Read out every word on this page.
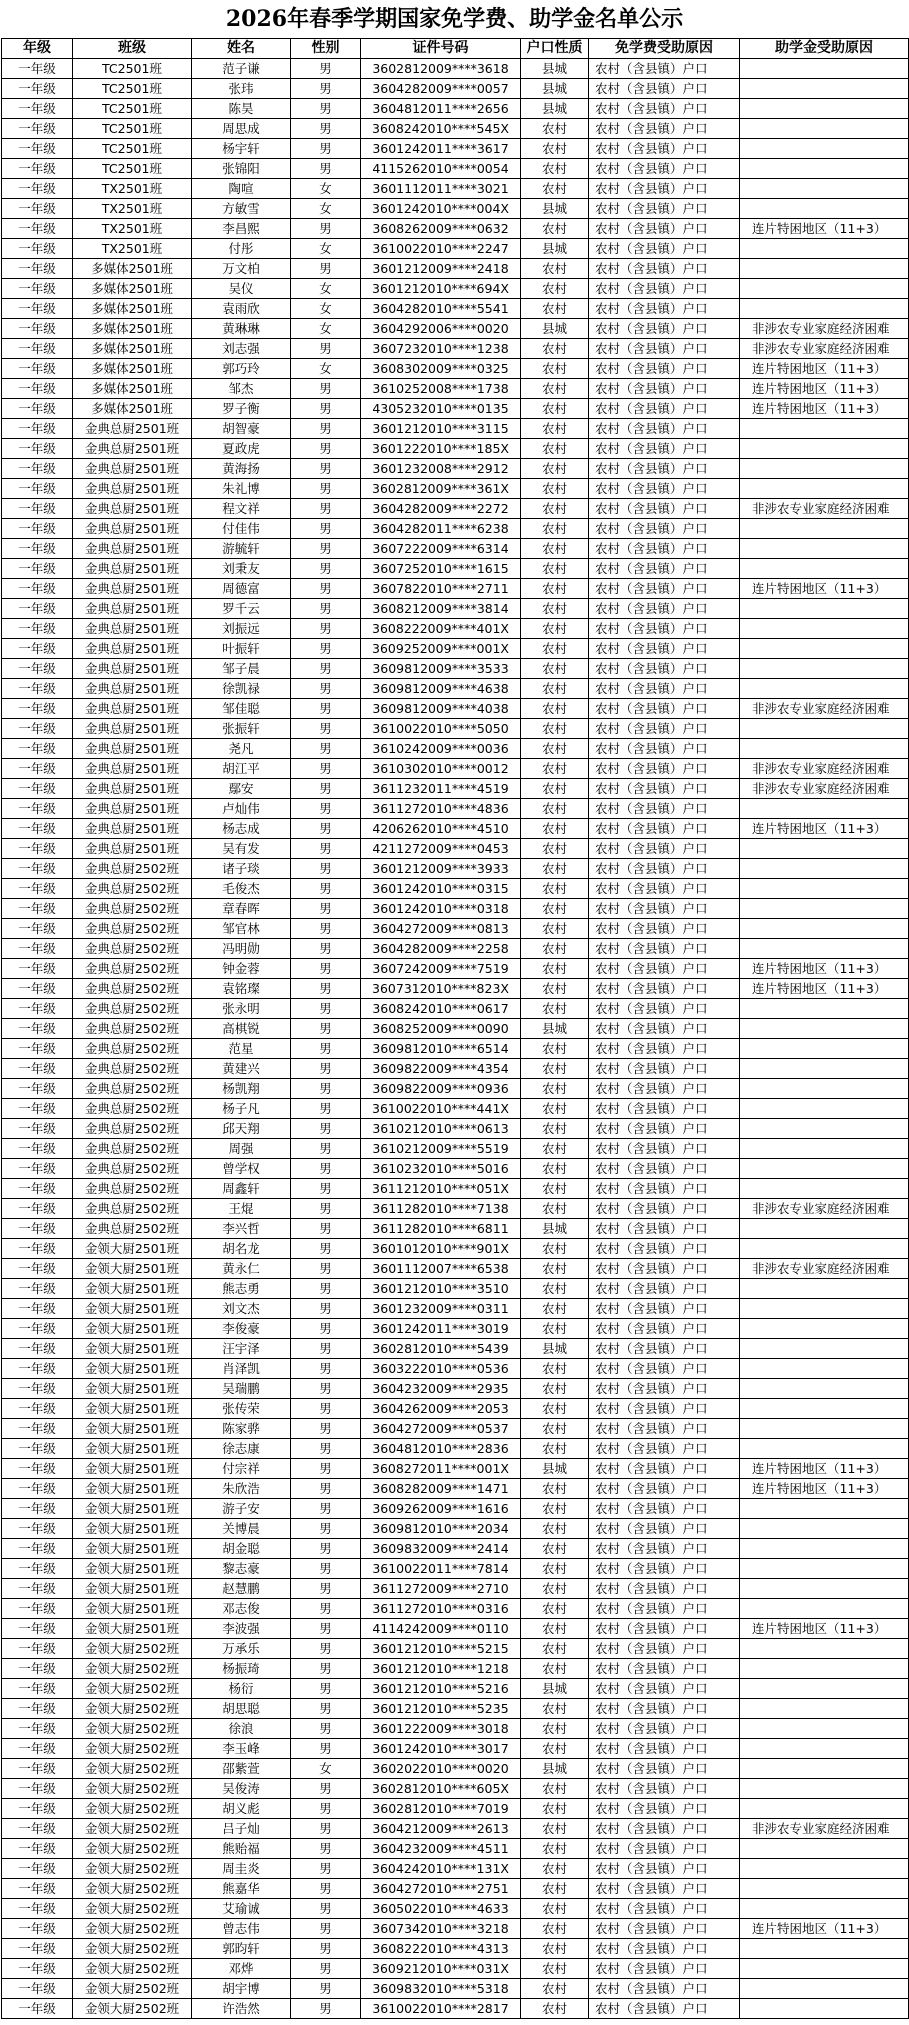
2026年春季学期国家免学费、助学金名单公示
年级	班级	姓名	性别	证件号码	户口性质	免学费受助原因	助学金受助原因
一年级	TC2501班	范子谦	男	3602812009****3618	县城	农村（含县镇）户口	
一年级	TC2501班	张玮	男	3604282009****0057	县城	农村（含县镇）户口	
一年级	TC2501班	陈昊	男	3604812011****2656	县城	农村（含县镇）户口	
一年级	TC2501班	周思成	男	3608242010****545X	农村	农村（含县镇）户口	
一年级	TC2501班	杨宇轩	男	3601242011****3617	农村	农村（含县镇）户口	
一年级	TC2501班	张锦阳	男	4115262010****0054	农村	农村（含县镇）户口	
一年级	TX2501班	陶喧	女	3601112011****3021	农村	农村（含县镇）户口	
一年级	TX2501班	方敏雪	女	3601242010****004X	县城	农村（含县镇）户口	
一年级	TX2501班	李昌熙	男	3608262009****0632	农村	农村（含县镇）户口	连片特困地区（11+3）
一年级	TX2501班	付彤	女	3610022010****2247	县城	农村（含县镇）户口	
一年级	多媒体2501班	万文柏	男	3601212009****2418	农村	农村（含县镇）户口	
一年级	多媒体2501班	吴仪	女	3601212010****694X	农村	农村（含县镇）户口	
一年级	多媒体2501班	袁雨欣	女	3604282010****5541	农村	农村（含县镇）户口	
一年级	多媒体2501班	黄琳琳	女	3604292006****0020	县城	农村（含县镇）户口	非涉农专业家庭经济困难
一年级	多媒体2501班	刘志强	男	3607232010****1238	农村	农村（含县镇）户口	非涉农专业家庭经济困难
一年级	多媒体2501班	郭巧玲	女	3608302009****0325	农村	农村（含县镇）户口	连片特困地区（11+3）
一年级	多媒体2501班	邹杰	男	3610252008****1738	农村	农村（含县镇）户口	连片特困地区（11+3）
一年级	多媒体2501班	罗子衡	男	4305232010****0135	农村	农村（含县镇）户口	连片特困地区（11+3）
一年级	金典总厨2501班	胡智豪	男	3601212010****3115	农村	农村（含县镇）户口	
一年级	金典总厨2501班	夏政虎	男	3601222010****185X	农村	农村（含县镇）户口	
一年级	金典总厨2501班	黄海扬	男	3601232008****2912	农村	农村（含县镇）户口	
一年级	金典总厨2501班	朱礼博	男	3602812009****361X	农村	农村（含县镇）户口	
一年级	金典总厨2501班	程文祥	男	3604282009****2272	农村	农村（含县镇）户口	非涉农专业家庭经济困难
一年级	金典总厨2501班	付佳伟	男	3604282011****6238	农村	农村（含县镇）户口	
一年级	金典总厨2501班	游毓轩	男	3607222009****6314	农村	农村（含县镇）户口	
一年级	金典总厨2501班	刘秉友	男	3607252010****1615	农村	农村（含县镇）户口	
一年级	金典总厨2501班	周德富	男	3607822010****2711	农村	农村（含县镇）户口	连片特困地区（11+3）
一年级	金典总厨2501班	罗千云	男	3608212009****3814	农村	农村（含县镇）户口	
一年级	金典总厨2501班	刘振远	男	3608222009****401X	农村	农村（含县镇）户口	
一年级	金典总厨2501班	叶振轩	男	3609252009****001X	农村	农村（含县镇）户口	
一年级	金典总厨2501班	邹子晨	男	3609812009****3533	农村	农村（含县镇）户口	
一年级	金典总厨2501班	徐凯禄	男	3609812009****4638	农村	农村（含县镇）户口	
一年级	金典总厨2501班	邹佳聪	男	3609812009****4038	农村	农村（含县镇）户口	非涉农专业家庭经济困难
一年级	金典总厨2501班	张振轩	男	3610022010****5050	农村	农村（含县镇）户口	
一年级	金典总厨2501班	尧凡	男	3610242009****0036	农村	农村（含县镇）户口	
一年级	金典总厨2501班	胡江平	男	3610302010****0012	农村	农村（含县镇）户口	非涉农专业家庭经济困难
一年级	金典总厨2501班	鄢安	男	3611232011****4519	农村	农村（含县镇）户口	非涉农专业家庭经济困难
一年级	金典总厨2501班	卢灿伟	男	3611272010****4836	农村	农村（含县镇）户口	
一年级	金典总厨2501班	杨志成	男	4206262010****4510	农村	农村（含县镇）户口	连片特困地区（11+3）
一年级	金典总厨2501班	吴有发	男	4211272009****0453	农村	农村（含县镇）户口	
一年级	金典总厨2502班	诸子琰	男	3601212009****3933	农村	农村（含县镇）户口	
一年级	金典总厨2502班	毛俊杰	男	3601242010****0315	农村	农村（含县镇）户口	
一年级	金典总厨2502班	章春晖	男	3601242010****0318	农村	农村（含县镇）户口	
一年级	金典总厨2502班	邹官林	男	3604272009****0813	农村	农村（含县镇）户口	
一年级	金典总厨2502班	冯明勋	男	3604282009****2258	农村	农村（含县镇）户口	
一年级	金典总厨2502班	钟金蓉	男	3607242009****7519	农村	农村（含县镇）户口	连片特困地区（11+3）
一年级	金典总厨2502班	袁铭璨	男	3607312010****823X	农村	农村（含县镇）户口	连片特困地区（11+3）
一年级	金典总厨2502班	张永明	男	3608242010****0617	农村	农村（含县镇）户口	
一年级	金典总厨2502班	高棋锐	男	3608252009****0090	县城	农村（含县镇）户口	
一年级	金典总厨2502班	范星	男	3609812010****6514	农村	农村（含县镇）户口	
一年级	金典总厨2502班	黄建兴	男	3609822009****4354	农村	农村（含县镇）户口	
一年级	金典总厨2502班	杨凯翔	男	3609822009****0936	农村	农村（含县镇）户口	
一年级	金典总厨2502班	杨子凡	男	3610022010****441X	农村	农村（含县镇）户口	
一年级	金典总厨2502班	邱天翔	男	3610212010****0613	农村	农村（含县镇）户口	
一年级	金典总厨2502班	周强	男	3610212009****5519	农村	农村（含县镇）户口	
一年级	金典总厨2502班	曾学权	男	3610232010****5016	农村	农村（含县镇）户口	
一年级	金典总厨2502班	周鑫轩	男	3611212010****051X	农村	农村（含县镇）户口	
一年级	金典总厨2502班	王焜	男	3611282010****7138	农村	农村（含县镇）户口	非涉农专业家庭经济困难
一年级	金典总厨2502班	李兴哲	男	3611282010****6811	县城	农村（含县镇）户口	
一年级	金领大厨2501班	胡名龙	男	3601012010****901X	农村	农村（含县镇）户口	
一年级	金领大厨2501班	黄永仁	男	3601112007****6538	农村	农村（含县镇）户口	非涉农专业家庭经济困难
一年级	金领大厨2501班	熊志勇	男	3601212010****3510	农村	农村（含县镇）户口	
一年级	金领大厨2501班	刘文杰	男	3601232009****0311	农村	农村（含县镇）户口	
一年级	金领大厨2501班	李俊豪	男	3601242011****3019	农村	农村（含县镇）户口	
一年级	金领大厨2501班	汪宇泽	男	3602812010****5439	县城	农村（含县镇）户口	
一年级	金领大厨2501班	肖泽凯	男	3603222010****0536	农村	农村（含县镇）户口	
一年级	金领大厨2501班	吴瑞鹏	男	3604232009****2935	农村	农村（含县镇）户口	
一年级	金领大厨2501班	张传荣	男	3604262009****2053	农村	农村（含县镇）户口	
一年级	金领大厨2501班	陈家骅	男	3604272009****0537	农村	农村（含县镇）户口	
一年级	金领大厨2501班	徐志康	男	3604812010****2836	农村	农村（含县镇）户口	
一年级	金领大厨2501班	付宗祥	男	3608272011****001X	县城	农村（含县镇）户口	连片特困地区（11+3）
一年级	金领大厨2501班	朱欣浩	男	3608282009****1471	农村	农村（含县镇）户口	连片特困地区（11+3）
一年级	金领大厨2501班	游子安	男	3609262009****1616	农村	农村（含县镇）户口	
一年级	金领大厨2501班	关博晨	男	3609812010****2034	农村	农村（含县镇）户口	
一年级	金领大厨2501班	胡金聪	男	3609832009****2414	农村	农村（含县镇）户口	
一年级	金领大厨2501班	黎志豪	男	3610022011****7814	农村	农村（含县镇）户口	
一年级	金领大厨2501班	赵慧鹏	男	3611272009****2710	农村	农村（含县镇）户口	
一年级	金领大厨2501班	邓志俊	男	3611272010****0316	农村	农村（含县镇）户口	
一年级	金领大厨2501班	李波强	男	4114242009****0110	农村	农村（含县镇）户口	连片特困地区（11+3）
一年级	金领大厨2502班	万承乐	男	3601212010****5215	农村	农村（含县镇）户口	
一年级	金领大厨2502班	杨振琦	男	3601212010****1218	农村	农村（含县镇）户口	
一年级	金领大厨2502班	杨衍	男	3601212010****5216	县城	农村（含县镇）户口	
一年级	金领大厨2502班	胡思聪	男	3601212010****5235	农村	农村（含县镇）户口	
一年级	金领大厨2502班	徐浪	男	3601222009****3018	农村	农村（含县镇）户口	
一年级	金领大厨2502班	李玉峰	男	3601242010****3017	农村	农村（含县镇）户口	
一年级	金领大厨2502班	邵紫萱	女	3602022010****0020	县城	农村（含县镇）户口	
一年级	金领大厨2502班	吴俊涛	男	3602812010****605X	农村	农村（含县镇）户口	
一年级	金领大厨2502班	胡义彪	男	3602812010****7019	农村	农村（含县镇）户口	
一年级	金领大厨2502班	吕子灿	男	3604212009****2613	农村	农村（含县镇）户口	非涉农专业家庭经济困难
一年级	金领大厨2502班	熊贻福	男	3604232009****4511	农村	农村（含县镇）户口	
一年级	金领大厨2502班	周圭炎	男	3604242010****131X	农村	农村（含县镇）户口	
一年级	金领大厨2502班	熊嘉华	男	3604272010****2751	农村	农村（含县镇）户口	
一年级	金领大厨2502班	艾瑜诚	男	3605022010****4633	农村	农村（含县镇）户口	
一年级	金领大厨2502班	曾志伟	男	3607342010****3218	农村	农村（含县镇）户口	连片特困地区（11+3）
一年级	金领大厨2502班	郭昀轩	男	3608222010****4313	农村	农村（含县镇）户口	
一年级	金领大厨2502班	邓烨	男	3609212010****031X	农村	农村（含县镇）户口	
一年级	金领大厨2502班	胡宇博	男	3609832010****5318	农村	农村（含县镇）户口	
一年级	金领大厨2502班	许浩然	男	3610022010****2817	农村	农村（含县镇）户口	
